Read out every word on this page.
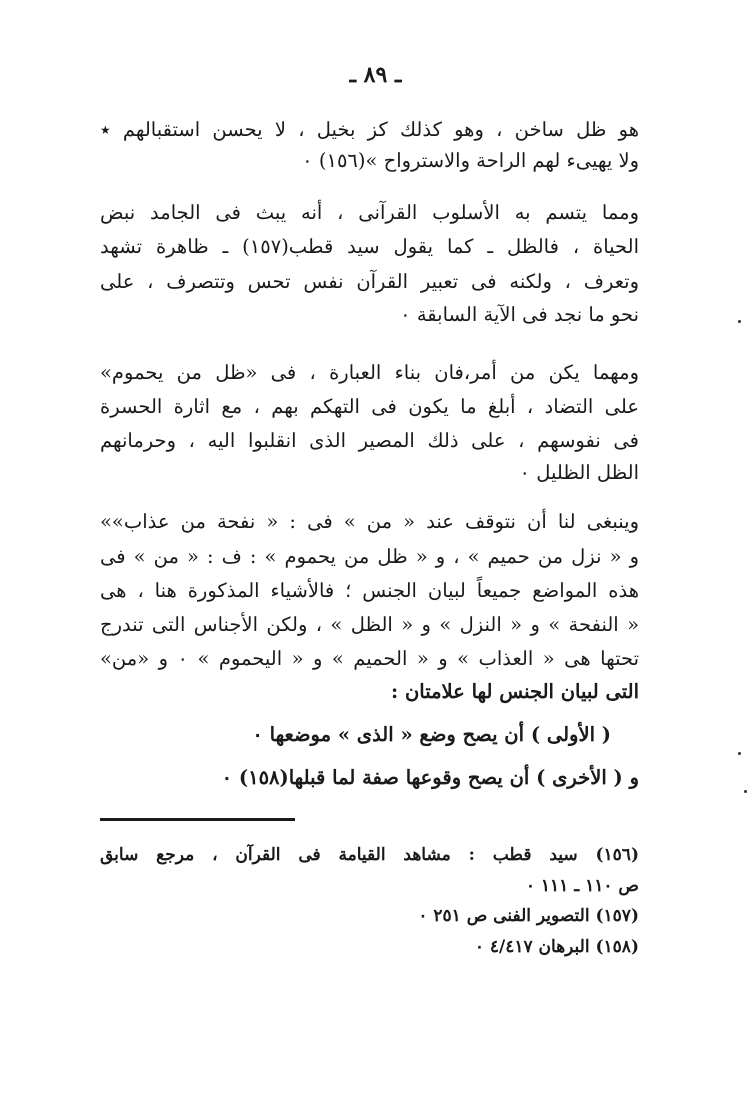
ـ ٨٩ ـ
هو ظل ساخن ، وهو كذلك كز بخيل ، لا يحسن استقبالهم ٭
ولا يهيىء لهم الراحة والاسترواح »(١٥٦) ٠
ومما يتسم به الأسلوب القرآنى ، أنه يبث فى الجامد نبض
الحياة ، فالظل ـ كما يقول سيد قطب(١٥٧) ـ ظاهرة تشهد
وتعرف ، ولكنه فى تعبير القرآن نفس تحس وتتصرف ، على
نحو ما نجد فى الآية السابقة ٠
ومهما يكن من أمر،فان بناء العبارة ، فى «ظل من يحموم»
على التضاد ، أبلغ ما يكون فى التهكم بهم ، مع اثارة الحسرة
فى نفوسهم ، على ذلك المصير الذى انقلبوا اليه ، وحرمانهم
الظل الظليل ٠
وينبغى لنا أن نتوقف عند « من » فى : « نفحة من عذاب»»
و « نزل من حميم » ، و « ظل من يحموم » : ف : « من » فى
هذه المواضع جميعاً لبيان الجنس ؛ فالأشياء المذكورة هنا ، هى
« النفحة » و « النزل » و « الظل » ، ولكن الأجناس التى تندرج
تحتها هى « العذاب » و « الحميم » و « اليحموم » ٠ و «من»
التى لبيان الجنس لها علامتان :
( الأولى ) أن يصح وضع « الذى » موضعها ٠
و ( الأخرى ) أن يصح وقوعها صفة لما قبلها(١٥٨) ٠
(١٥٦) سيد قطب : مشاهد القيامة فى القرآن ، مرجع سابق
ص ١١٠ ـ ١١١ ٠
(١٥٧) التصوير الفنى ص ٢٥١ ٠
(١٥٨) البرهان ٤/٤١٧ ٠
